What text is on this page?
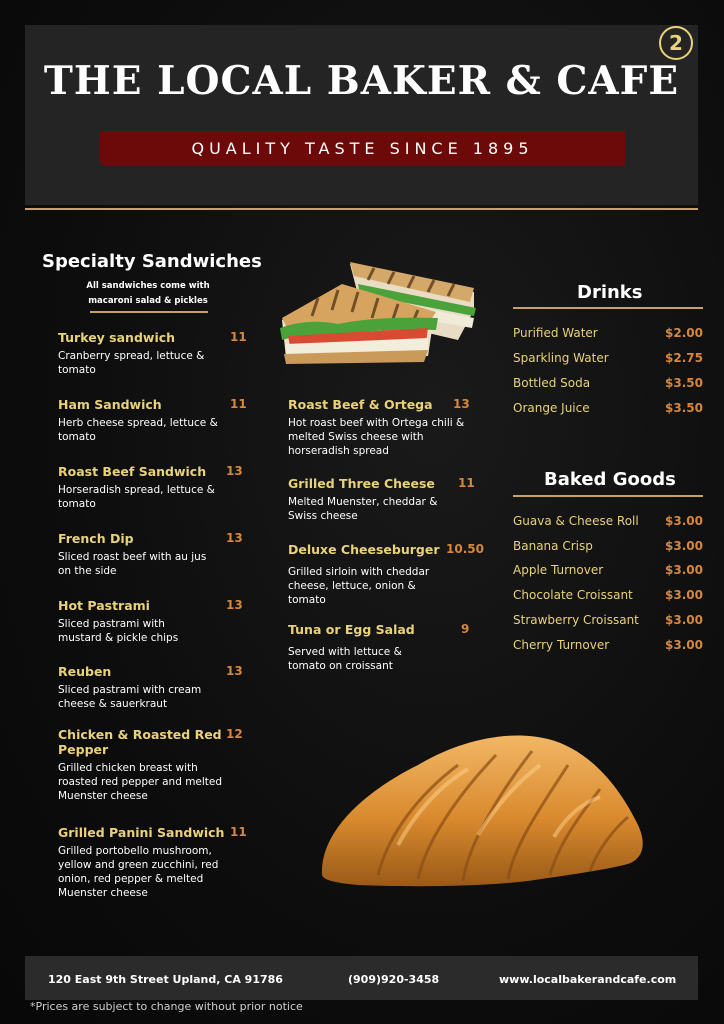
2
THE LOCAL BAKER & CAFE
QUALITY TASTE SINCE 1895
Specialty Sandwiches
All sandwiches come with
macaroni salad & pickles
Turkey sandwich	11
Cranberry spread, lettuce & tomato
Ham Sandwich	11
Herb cheese spread, lettuce & tomato
Roast Beef Sandwich	13
Horseradish spread, lettuce & tomato
French Dip	13
Sliced roast beef with au jus on the side
Hot Pastrami	13
Sliced pastrami with mustard & pickle chips
Reuben	13
Sliced pastrami with cream cheese & sauerkraut
Chicken & Roasted Red
Pepper
12
Grilled chicken breast with roasted red pepper and melted Muenster cheese
Grilled Panini Sandwich 11
Grilled portobello mushroom, yellow and green zucchini, red onion, red pepper & melted Muenster cheese
Roast Beef & Ortega	13
Hot roast beef with Ortega chili & melted Swiss cheese with horseradish spread
Grilled Three Cheese	11
Melted Muenster, cheddar & Swiss cheese
Deluxe Cheeseburger 10.50
Grilled sirloin with cheddar cheese, lettuce, onion & tomato
Tuna or Egg Salad	9
Served with lettuce & tomato on croissant
Drinks
Purified Water	$2.00
Sparkling Water	$2.75
Bottled Soda	$3.50
Orange Juice	$3.50
Baked Goods
Guava & Cheese Roll $3.00
Banana Crisp	$3.00
Apple Turnover	$3.00
Chocolate Croissant	$3.00
Strawberry Croissant $3.00
Cherry Turnover	$3.00
120 East 9th Street Upland, CA 91786	(909)920-3458	www.localbakerandcafe.com
*Prices are subject to change without prior notice
